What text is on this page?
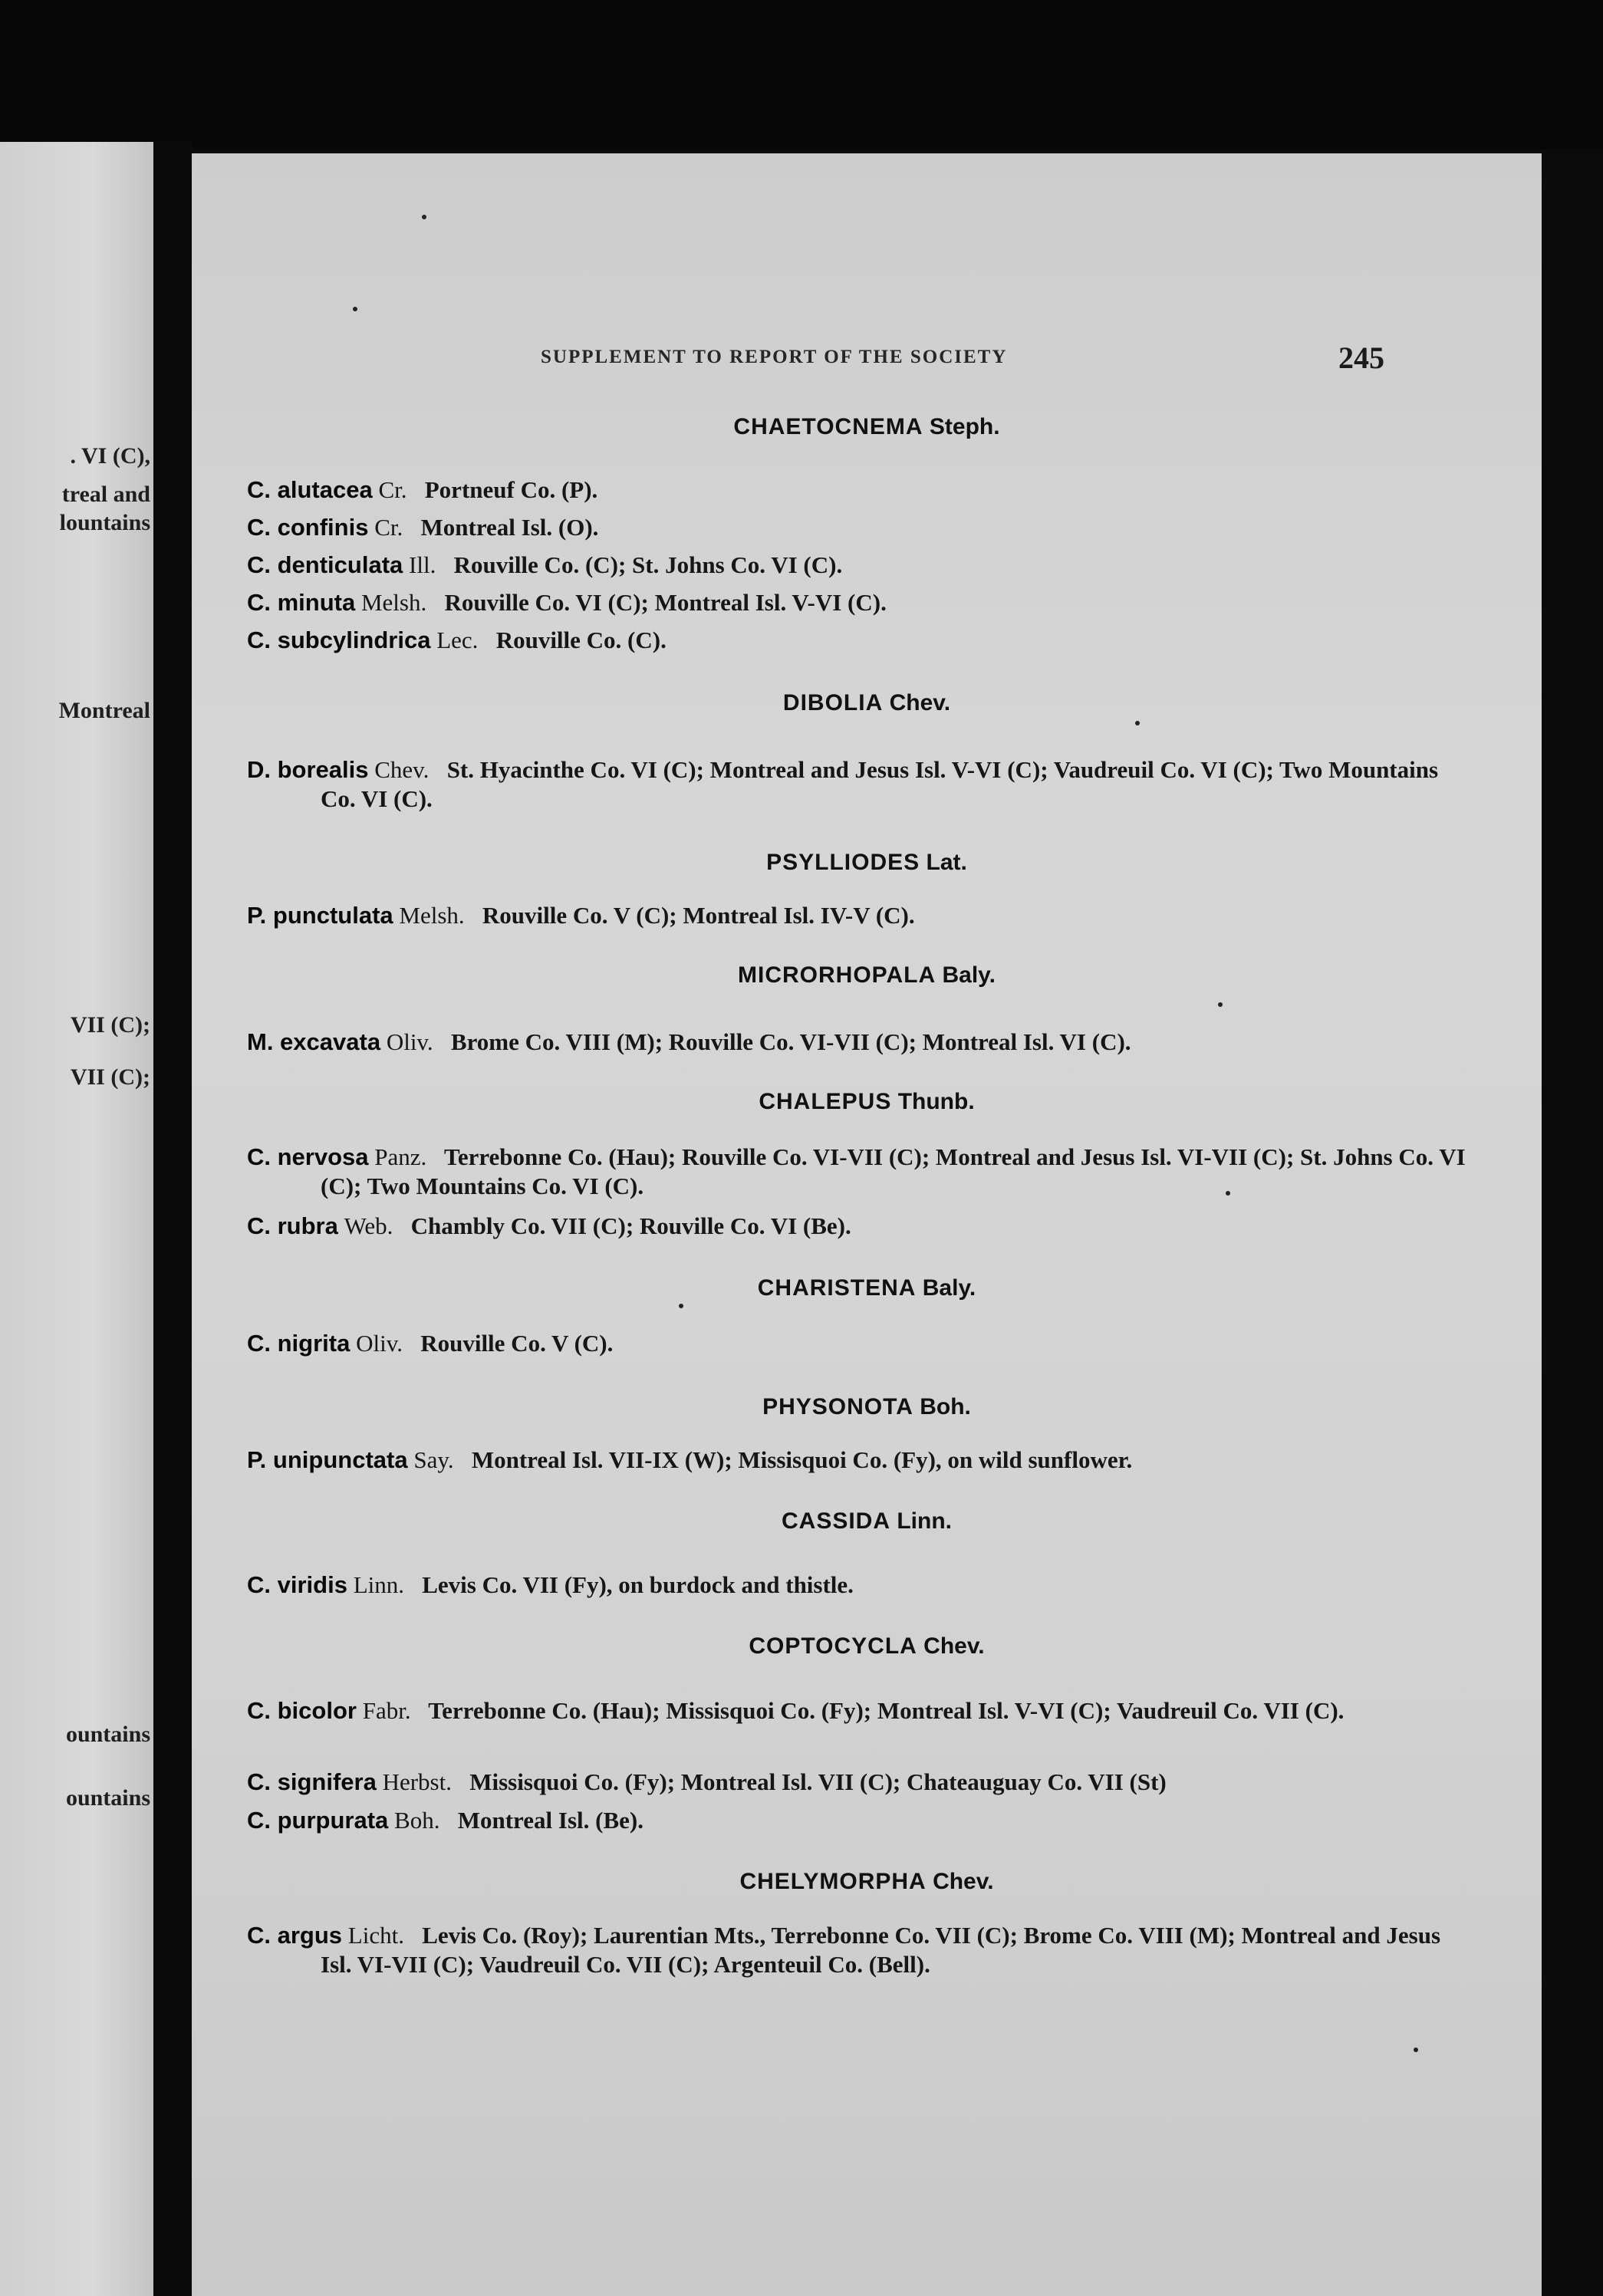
. VI (C),
treal and
lountains
Montreal
VII (C);
VII (C);
ountains
ountains
SUPPLEMENT TO REPORT OF THE SOCIETY	245
CHAETOCNEMA Steph.
C. alutacea Cr. Portneuf Co. (P).
C. confinis Cr. Montreal Isl. (O).
C. denticulata Ill. Rouville Co. (C); St. Johns Co. VI (C).
C. minuta Melsh. Rouville Co. VI (C); Montreal Isl. V-VI (C).
C. subcylindrica Lec. Rouville Co. (C).
DIBOLIA Chev.
D. borealis Chev. St. Hyacinthe Co. VI (C); Montreal and Jesus Isl. V-VI (C); Vaudreuil Co. VI (C); Two Mountains Co. VI (C).
PSYLLIODES Lat.
P. punctulata Melsh. Rouville Co. V (C); Montreal Isl. IV-V (C).
MICRORHOPALA Baly.
M. excavata Oliv. Brome Co. VIII (M); Rouville Co. VI-VII (C); Montreal Isl. VI (C).
CHALEPUS Thunb.
C. nervosa Panz. Terrebonne Co. (Hau); Rouville Co. VI-VII (C); Montreal and Jesus Isl. VI-VII (C); St. Johns Co. VI (C); Two Mountains Co. VI (C).
C. rubra Web. Chambly Co. VII (C); Rouville Co. VI (Be).
CHARISTENA Baly.
C. nigrita Oliv. Rouville Co. V (C).
PHYSONOTA Boh.
P. unipunctata Say. Montreal Isl. VII-IX (W); Missisquoi Co. (Fy), on wild sunflower.
CASSIDA Linn.
C. viridis Linn. Levis Co. VII (Fy), on burdock and thistle.
COPTOCYCLA Chev.
C. bicolor Fabr. Terrebonne Co. (Hau); Missisquoi Co. (Fy); Montreal Isl. V-VI (C); Vaudreuil Co. VII (C).
C. signifera Herbst. Missisquoi Co. (Fy); Montreal Isl. VII (C); Chateauguay Co. VII (St)
C. purpurata Boh. Montreal Isl. (Be).
CHELYMORPHA Chev.
C. argus Licht. Levis Co. (Roy); Laurentian Mts., Terrebonne Co. VII (C); Brome Co. VIII (M); Montreal and Jesus Isl. VI-VII (C); Vaudreuil Co. VII (C); Argenteuil Co. (Bell).
